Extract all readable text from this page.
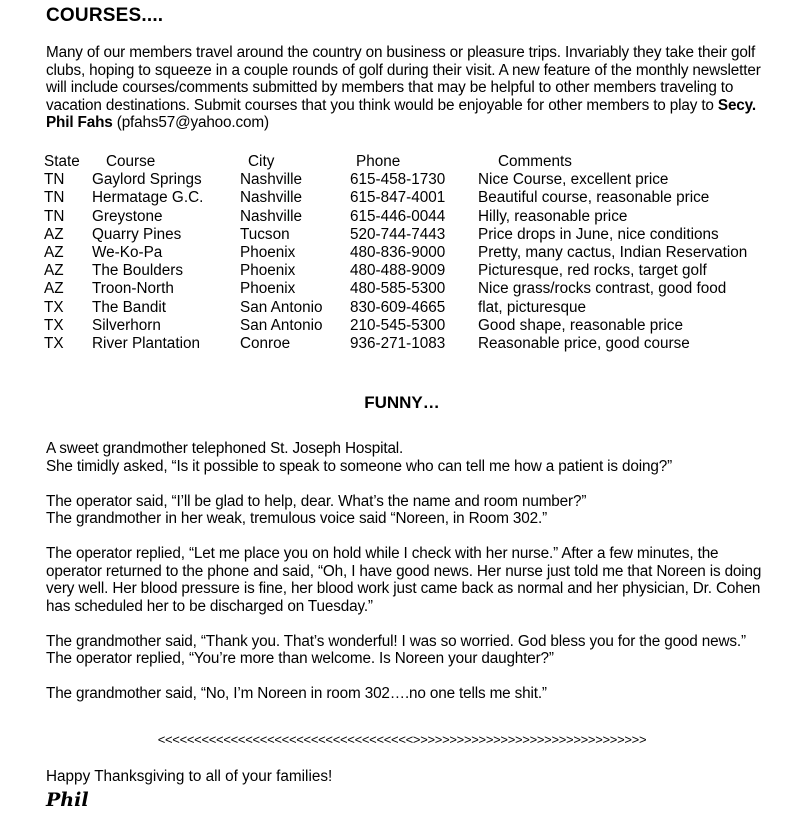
COURSES....

Many of our members travel around the country on business or pleasure trips. Invariably they take their golf clubs, hoping to squeeze in a couple rounds of golf during their visit. A new feature of the monthly newsletter will include courses/comments submitted by members that may be helpful to other members traveling to vacation destinations. Submit courses that you think would be enjoyable for other members to play to Secy. Phil Fahs (pfahs57@yahoo.com)

State	Course	City	Phone	Comments
TN	Gaylord Springs	Nashville	615-458-1730	Nice Course, excellent price
TN	Hermatage G.C.	Nashville	615-847-4001	Beautiful course, reasonable price
TN	Greystone	Nashville	615-446-0044	Hilly, reasonable price
AZ	Quarry Pines	Tucson	520-744-7443	Price drops in June, nice conditions
AZ	We-Ko-Pa	Phoenix	480-836-9000	Pretty, many cactus, Indian Reservation
AZ	The Boulders	Phoenix	480-488-9009	Picturesque, red rocks, target golf
AZ	Troon-North	Phoenix	480-585-5300	Nice grass/rocks contrast, good food
TX	The Bandit	San Antonio	830-609-4665	flat, picturesque
TX	Silverhorn	San Antonio	210-545-5300	Good shape, reasonable price
TX	River Plantation	Conroe	936-271-1083	Reasonable price, good course
FUNNY…

A sweet grandmother telephoned St. Joseph Hospital.
She timidly asked, “Is it possible to speak to someone who can tell me how a patient is doing?”

The operator said, “I’ll be glad to help, dear. What’s the name and room number?”
The grandmother in her weak, tremulous voice said “Noreen, in Room 302.”

The operator replied, “Let me place you on hold while I check with her nurse.” After a few minutes, the operator returned to the phone and said, “Oh, I have good news. Her nurse just told me that Noreen is doing very well. Her blood pressure is fine, her blood work just came back as normal and her physician, Dr. Cohen has scheduled her to be discharged on Tuesday.”

The grandmother said, “Thank you. That’s wonderful! I was so worried. God bless you for the good news.” The operator replied, “You’re more than welcome. Is Noreen your daughter?”

The grandmother said, “No, I’m Noreen in room 302….no one tells me shit.”

<<<<<<<<<<<<<<<<<<<<<<<<<<<<<<<<<<<>>>>>>>>>>>>>>>>>>>>>>>>>>>>>>>>
Happy Thanksgiving to all of your families!
Phil
